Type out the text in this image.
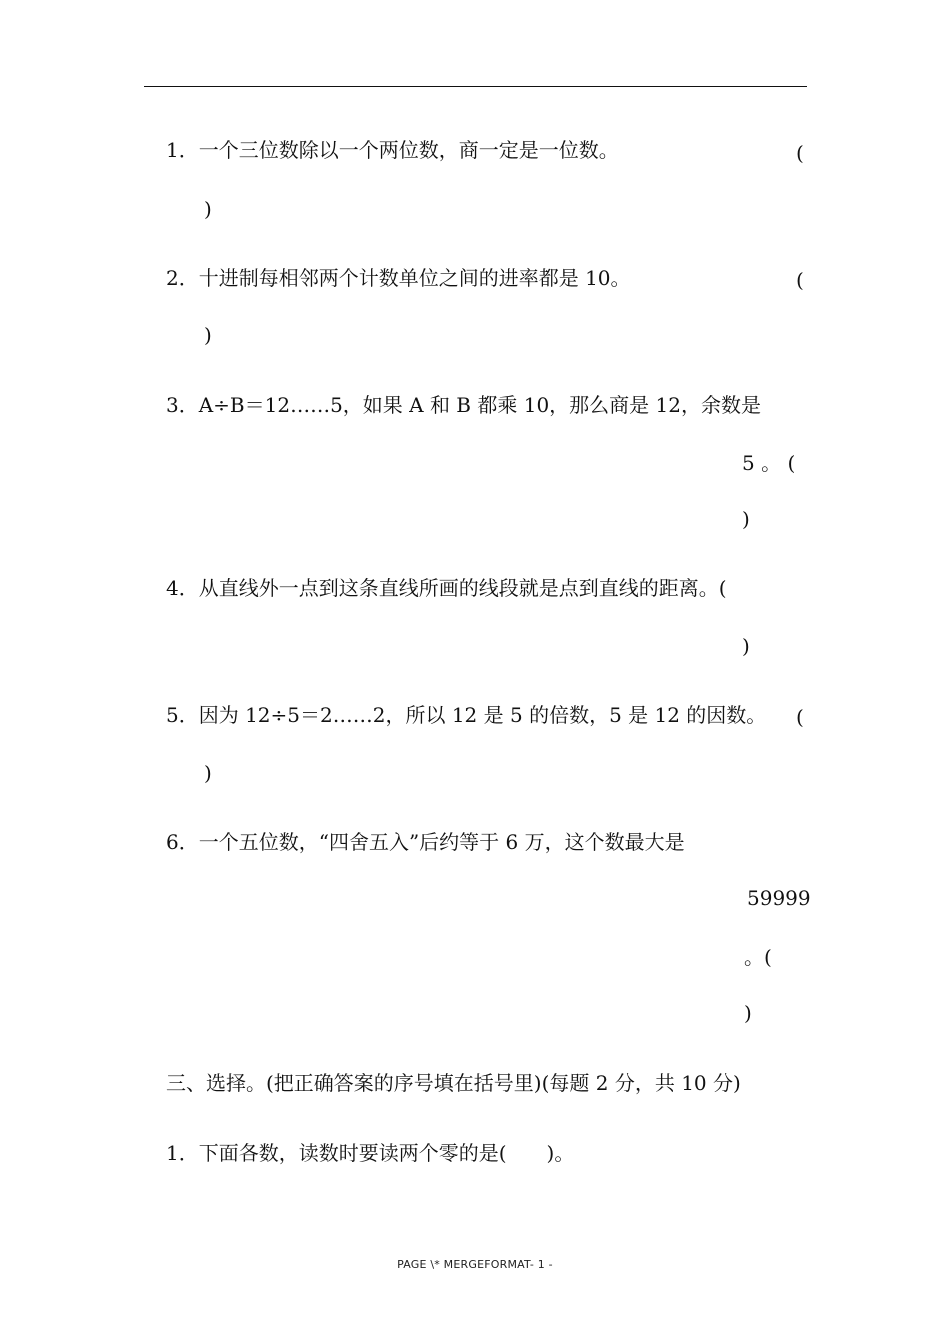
1．一个三位数除以一个两位数，商一定是一位数。	(
)
2．十进制每相邻两个计数单位之间的进率都是 10。	(
)
3．A÷B＝12……5，如果 A 和 B 都乘 10，那么商是 12，余数是
5 。 (
)
4．从直线外一点到这条直线所画的线段就是点到直线的距离。(
)
5．因为 12÷5＝2……2，所以 12 是 5 的倍数，5 是 12 的因数。 (
)
6．一个五位数，“四舍五入”后约等于 6 万，这个数最大是
59999
。(
)
三、选择。(把正确答案的序号填在括号里)(每题 2 分，共 10 分)
1．下面各数，读数时要读两个零的是(　　)。
PAGE \* MERGEFORMAT- 1 -
